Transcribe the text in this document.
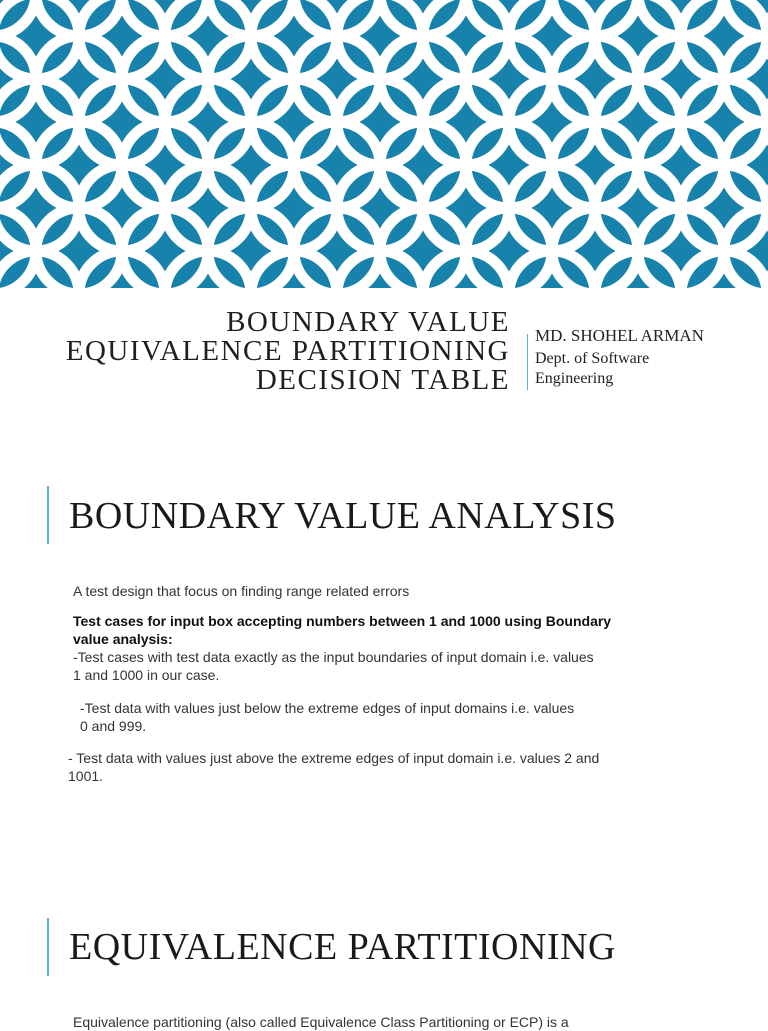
BOUNDARY VALUE
EQUIVALENCE PARTITIONING
DECISION TABLE
MD. SHOHEL ARMAN
Dept. of Software
Engineering
BOUNDARY VALUE ANALYSIS
A test design that focus on finding range related errors
Test cases for input box accepting numbers between 1 and 1000 using Boundary
value analysis:
-Test cases with test data exactly as the input boundaries of input domain i.e. values
1 and 1000 in our case.
-Test data with values just below the extreme edges of input domains i.e. values
0 and 999.
- Test data with values just above the extreme edges of input domain i.e. values 2 and
1001.
EQUIVALENCE PARTITIONING
Equivalence partitioning (also called Equivalence Class Partitioning or ECP) is a
